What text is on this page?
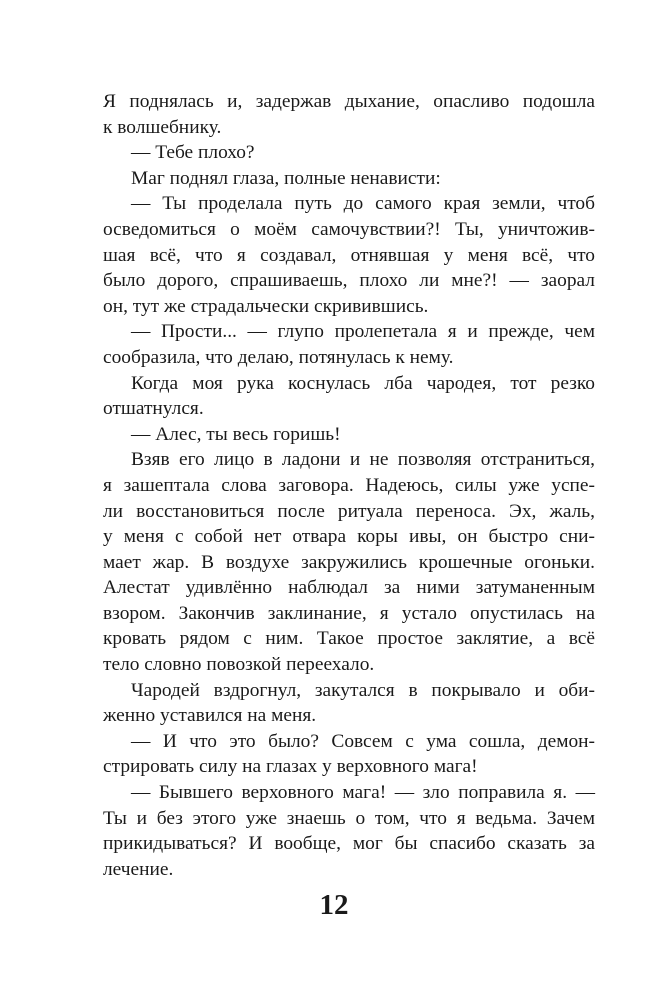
Я поднялась и, задержав дыхание, опасливо подошла
к волшебнику.
— Тебе плохо?
Маг поднял глаза, полные ненависти:
— Ты проделала путь до самого края земли, чтоб
осведомиться о моём самочувствии?! Ты, уничтожив-
шая всё, что я создавал, отнявшая у меня всё, что
было дорого, спрашиваешь, плохо ли мне?! — заорал
он, тут же страдальчески скривившись.
— Прости... — глупо пролепетала я и прежде, чем
сообразила, что делаю, потянулась к нему.
Когда моя рука коснулась лба чародея, тот резко
отшатнулся.
— Алес, ты весь горишь!
Взяв его лицо в ладони и не позволяя отстраниться,
я зашептала слова заговора. Надеюсь, силы уже успе-
ли восстановиться после ритуала переноса. Эх, жаль,
у меня с собой нет отвара коры ивы, он быстро сни-
мает жар. В воздухе закружились крошечные огоньки.
Алестат удивлённо наблюдал за ними затуманенным
взором. Закончив заклинание, я устало опустилась на
кровать рядом с ним. Такое простое заклятие, а всё
тело словно повозкой переехало.
Чародей вздрогнул, закутался в покрывало и оби-
женно уставился на меня.
— И что это было? Совсем с ума сошла, демон-
стрировать силу на глазах у верховного мага!
— Бывшего верховного мага! — зло поправила я. —
Ты и без этого уже знаешь о том, что я ведьма. Зачем
прикидываться? И вообще, мог бы спасибо сказать за
лечение.
12
